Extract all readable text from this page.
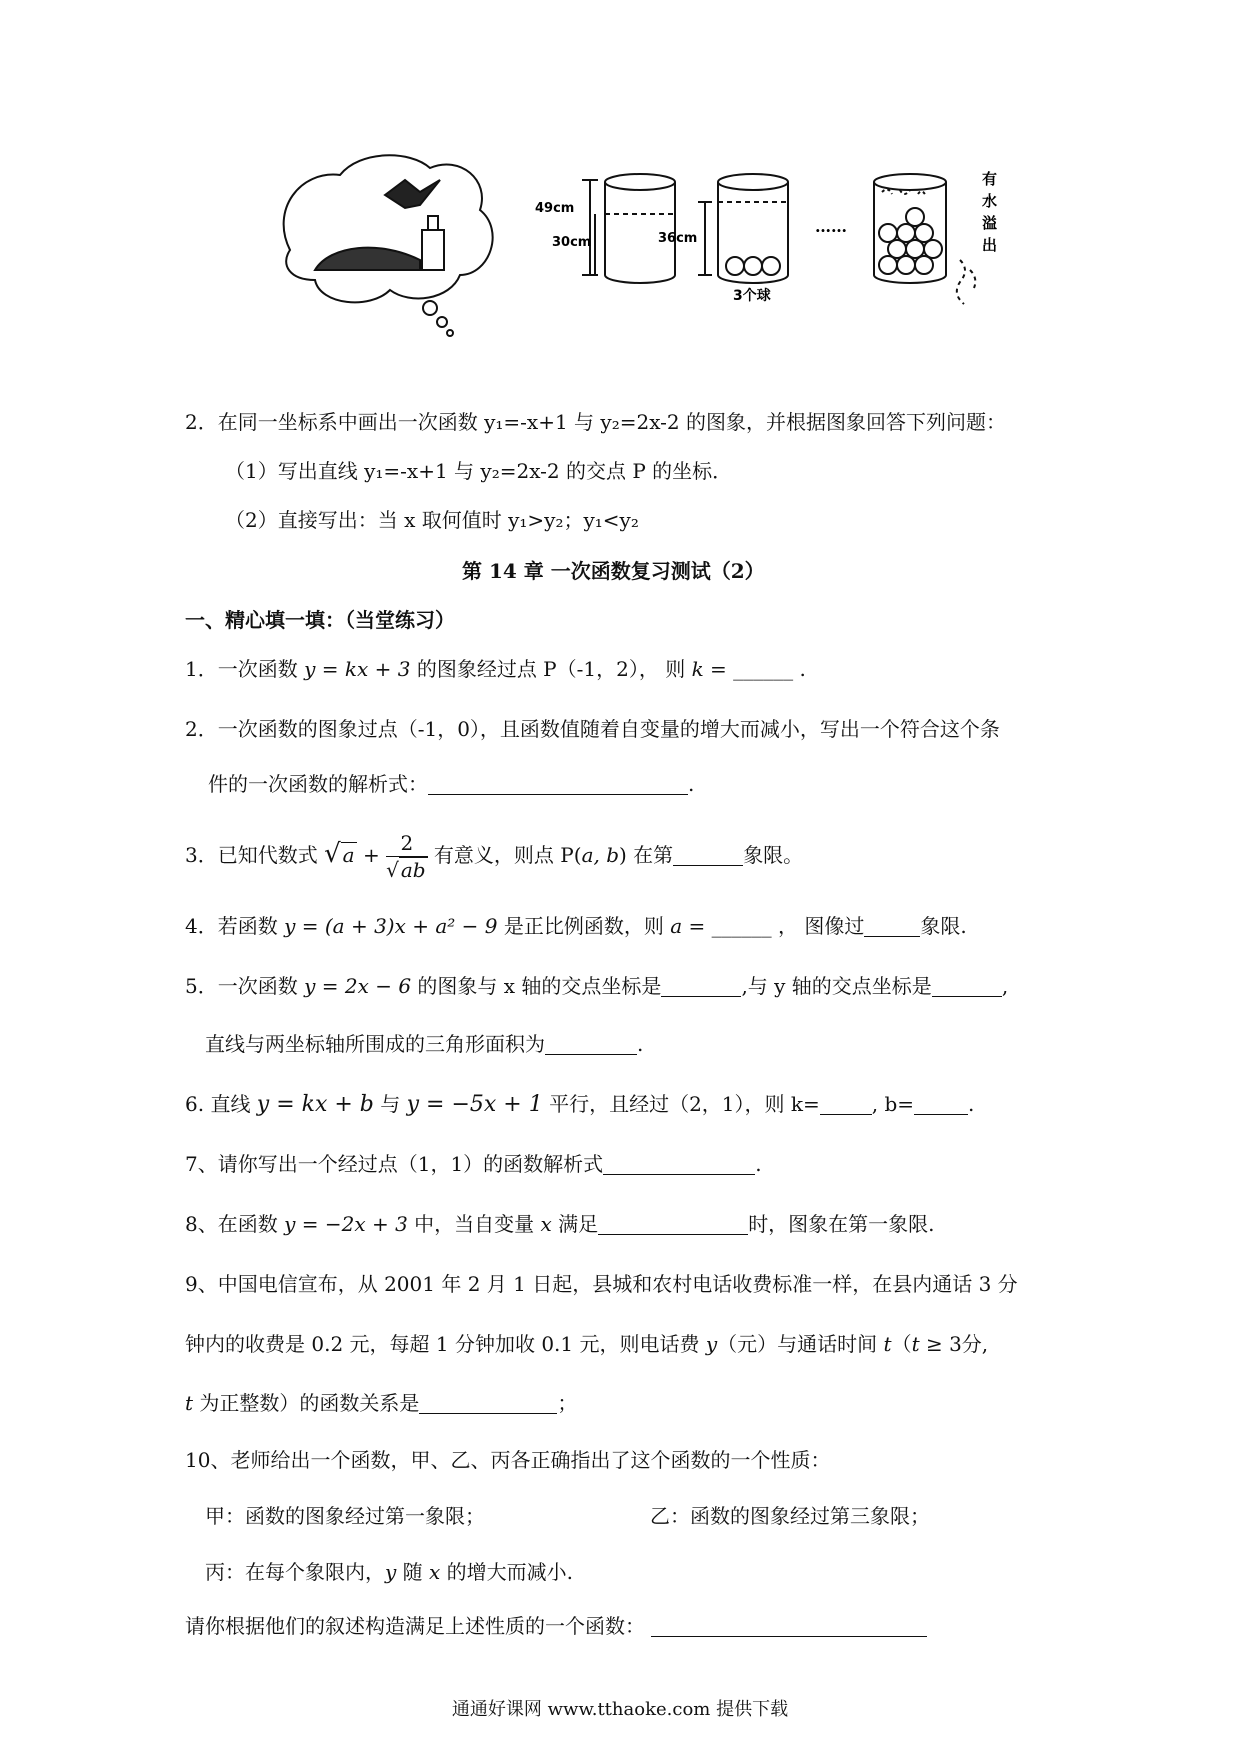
49cm
30cm	36cm
3个球
……
有 水 溢 出
2．在同一坐标系中画出一次函数 y₁=-x+1 与 y₂=2x-2 的图象，并根据图象回答下列问题：
（1）写出直线 y₁=-x+1 与 y₂=2x-2 的交点 P 的坐标．
（2）直接写出：当 x 取何值时 y₁>y₂；y₁<y₂
第 14 章 一次函数复习测试（2）
一、精心填一填：（当堂练习）
1．一次函数 y = kx + 3 的图象经过点 P（-1，2）， 则 k = ______ .
2．一次函数的图象过点（-1，0），且函数值随着自变量的增大而减小，写出一个符合这个条
件的一次函数的解析式：	.
3．已知代数式 √ $a + \frac{2}{√ ab}$ 有意义，则点 P(a, b) 在第	象限。
4．若函数 y = (a + 3)x + a² − 9 是正比例函数，则 a = ______ ， 图像过	象限.
5．一次函数 y = 2x − 6 的图象与 x 轴的交点坐标是	,与 y 轴的交点坐标是	,
直线与两坐标轴所围成的三角形面积为	.
6. 直线 y = kx + b 与 y = −5x + 1 平行，且经过（2，1），则 k=	, b=	.
7、请你写出一个经过点（1，1）的函数解析式	.
8、在函数 y = −2x + 3 中，当自变量 x 满足	时，图象在第一象限.
9、中国电信宣布，从 2001 年 2 月 1 日起，县城和农村电话收费标准一样，在县内通话 3 分
钟内的收费是 0.2 元，每超 1 分钟加收 0.1 元，则电话费 y（元）与通话时间 t（t ≥ 3分,
t 为正整数）的函数关系是	；
10、老师给出一个函数，甲、乙、丙各正确指出了这个函数的一个性质：
甲：函数的图象经过第一象限；	乙：函数的图象经过第三象限；
丙：在每个象限内，y 随 x 的增大而减小.
请你根据他们的叙述构造满足上述性质的一个函数：
通通好课网 www.tthaoke.com 提供下载
